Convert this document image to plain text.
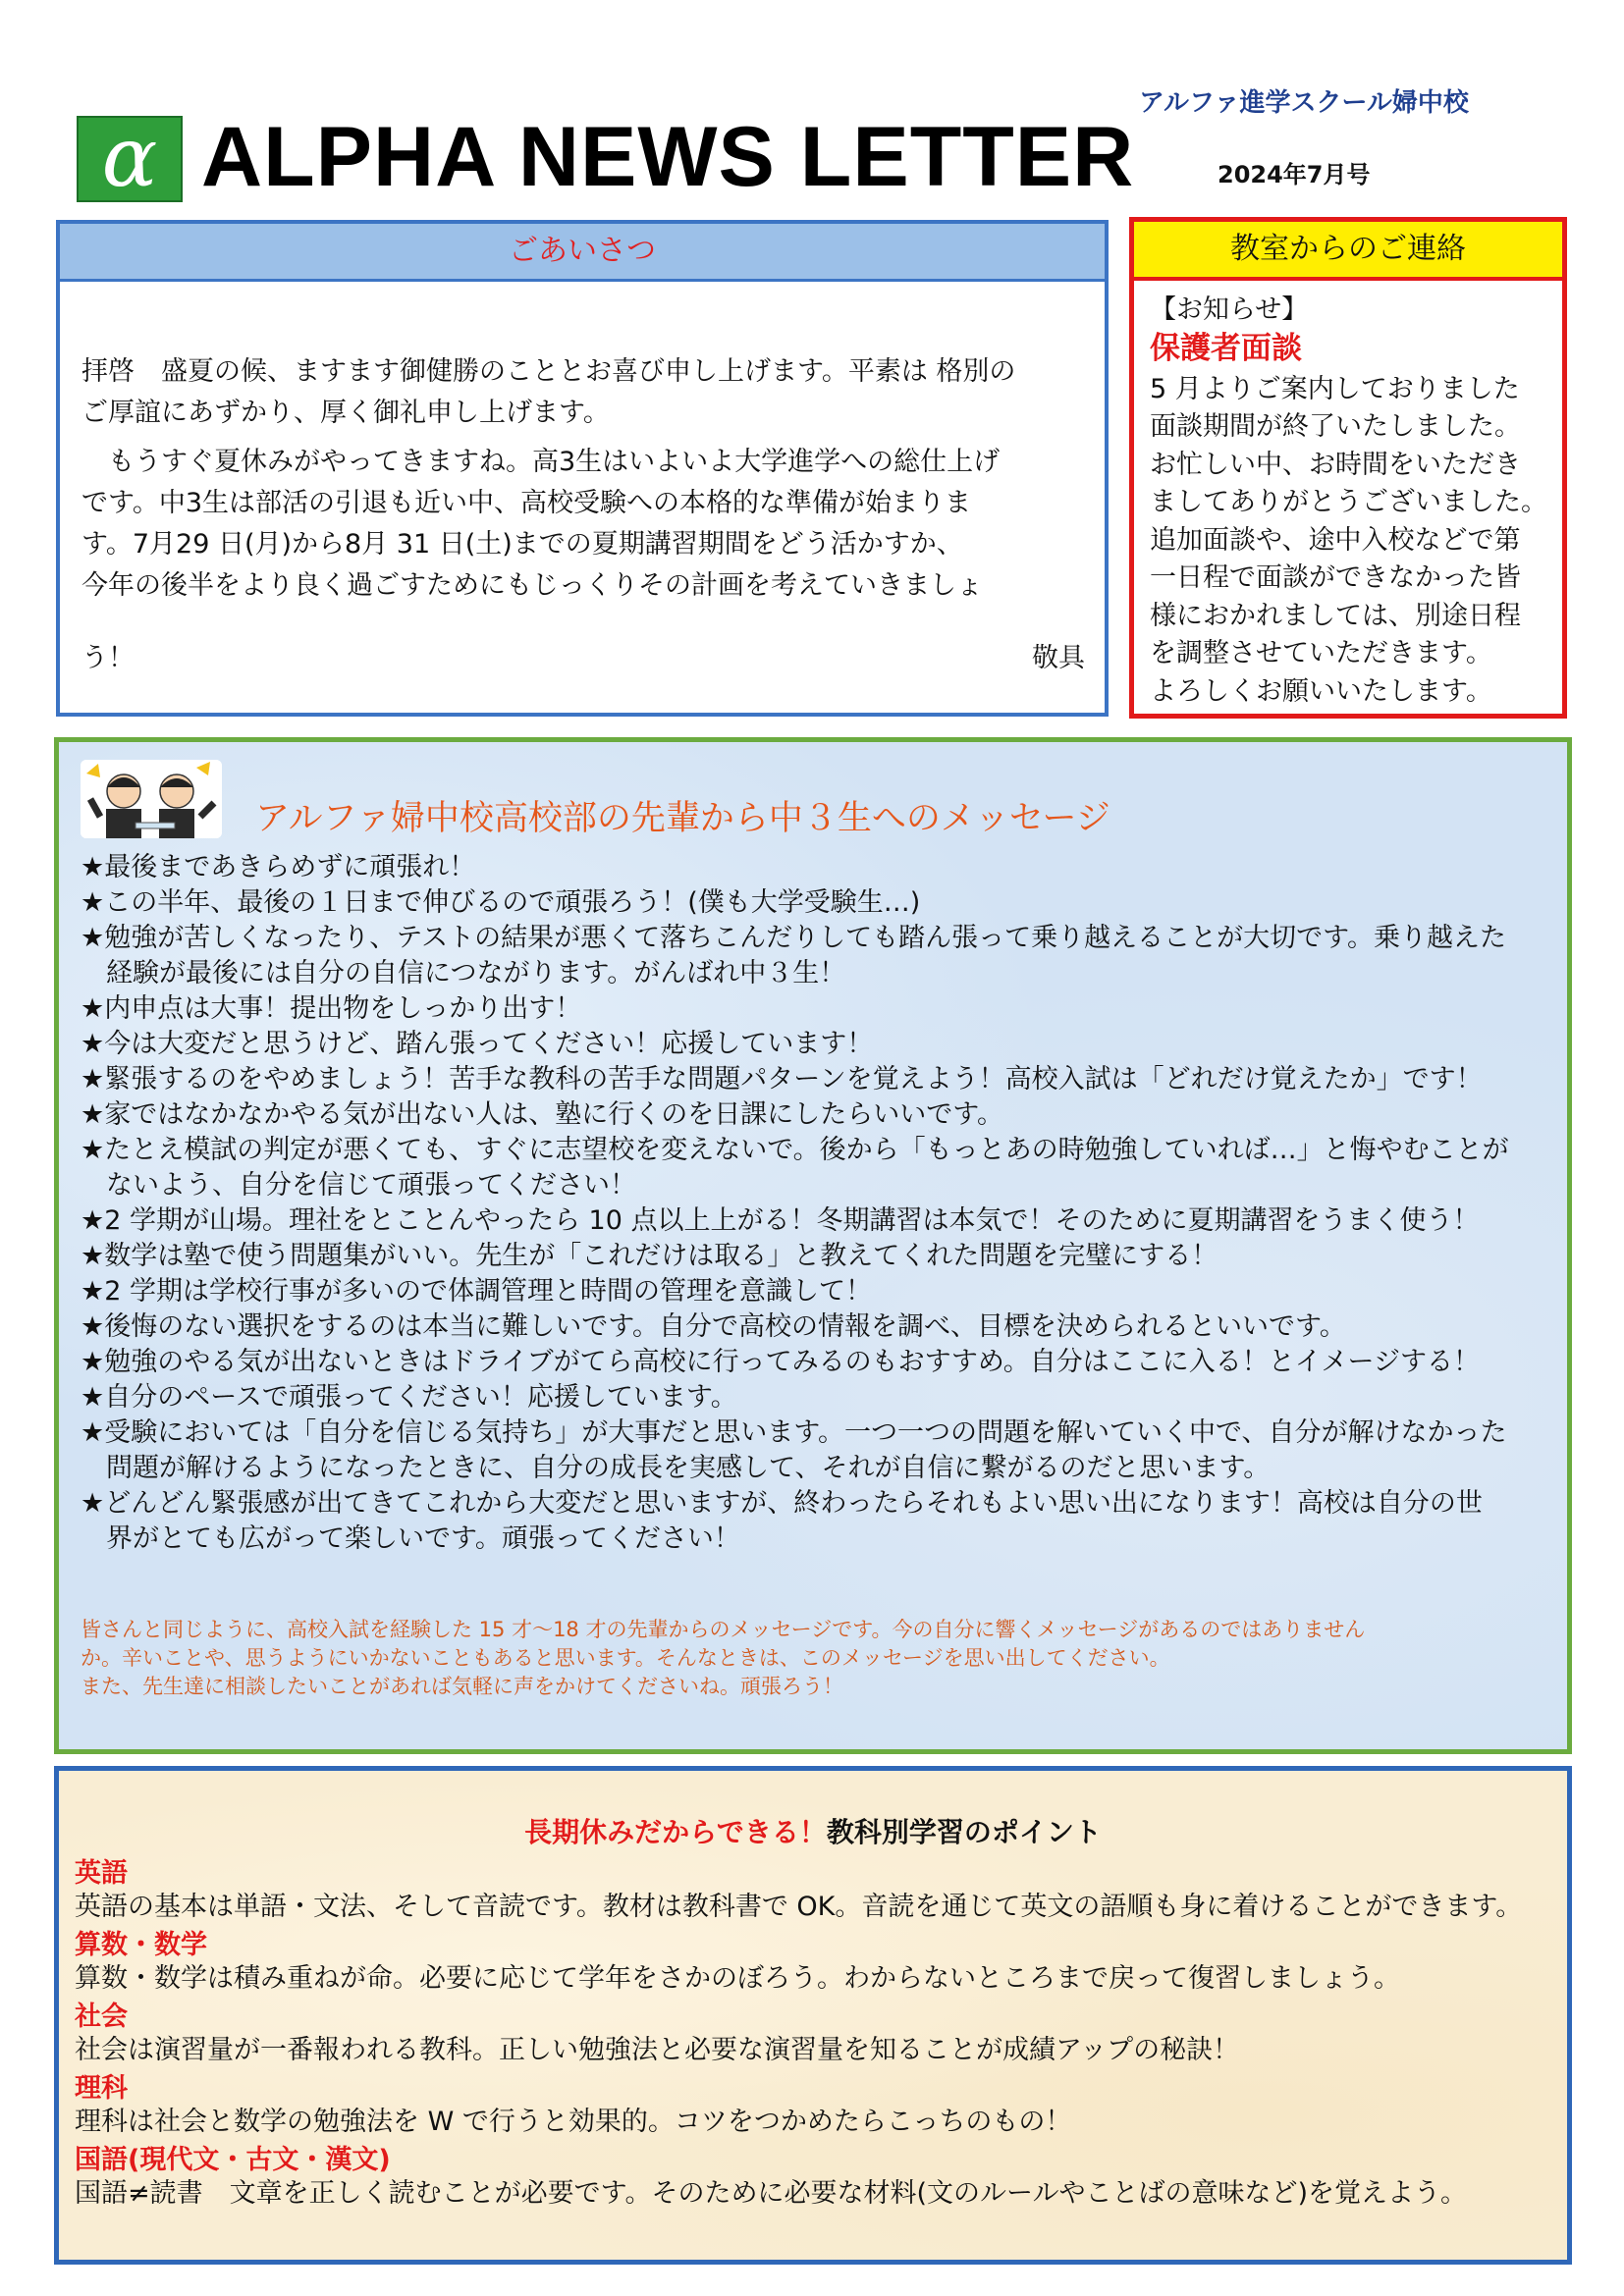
α ALPHA NEWS LETTER
アルファ進学スクール婦中校
2024年7月号
ごあいさつ
拝啓　盛夏の候、ますます御健勝のこととお喜び申し上げます。平素は 格別の
ご厚誼にあずかり、厚く御礼申し上げます。
　もうすぐ夏休みがやってきますね。高3生はいよいよ大学進学への総仕上げ
です。中3生は部活の引退も近い中、高校受験への本格的な準備が始まりま
す。7月29 日(月)から8月 31 日(土)までの夏期講習期間をどう活かすか、
今年の後半をより良く過ごすためにもじっくりその計画を考えていきましょ
う！	敬具
教室からのご連絡
【お知らせ】
保護者面談
5 月よりご案内しておりました
面談期間が終了いたしました。
お忙しい中、お時間をいただき
ましてありがとうございました。
追加面談や、途中入校などで第
一日程で面談ができなかった皆
様におかれましては、別途日程
を調整させていただきます。
よろしくお願いいたします。
アルファ婦中校高校部の先輩から中３生へのメッセージ
★最後まであきらめずに頑張れ！
★この半年、最後の１日まで伸びるので頑張ろう！(僕も大学受験生…)
★勉強が苦しくなったり、テストの結果が悪くて落ちこんだりしても踏ん張って乗り越えることが大切です。乗り越えた
経験が最後には自分の自信につながります。がんばれ中３生！
★内申点は大事！提出物をしっかり出す！
★今は大変だと思うけど、踏ん張ってください！応援しています！
★緊張するのをやめましょう！苦手な教科の苦手な問題パターンを覚えよう！高校入試は「どれだけ覚えたか」です！
★家ではなかなかやる気が出ない人は、塾に行くのを日課にしたらいいです。
★たとえ模試の判定が悪くても、すぐに志望校を変えないで。後から「もっとあの時勉強していれば…」と悔やむことが
ないよう、自分を信じて頑張ってください！
★2 学期が山場。理社をとことんやったら 10 点以上上がる！冬期講習は本気で！そのために夏期講習をうまく使う！
★数学は塾で使う問題集がいい。先生が「これだけは取る」と教えてくれた問題を完璧にする！
★2 学期は学校行事が多いので体調管理と時間の管理を意識して！
★後悔のない選択をするのは本当に難しいです。自分で高校の情報を調べ、目標を決められるといいです。
★勉強のやる気が出ないときはドライブがてら高校に行ってみるのもおすすめ。自分はここに入る！とイメージする！
★自分のペースで頑張ってください！応援しています。
★受験においては「自分を信じる気持ち」が大事だと思います。一つ一つの問題を解いていく中で、自分が解けなかった
問題が解けるようになったときに、自分の成長を実感して、それが自信に繋がるのだと思います。
★どんどん緊張感が出てきてこれから大変だと思いますが、終わったらそれもよい思い出になります！高校は自分の世
界がとても広がって楽しいです。頑張ってください！
皆さんと同じように、高校入試を経験した 15 才～18 才の先輩からのメッセージです。今の自分に響くメッセージがあるのではありません
か。辛いことや、思うようにいかないこともあると思います。そんなときは、このメッセージを思い出してください。
また、先生達に相談したいことがあれば気軽に声をかけてくださいね。頑張ろう！
長期休みだからできる！教科別学習のポイント
英語
英語の基本は単語・文法、そして音読です。教材は教科書で OK。音読を通じて英文の語順も身に着けることができます。
算数・数学
算数・数学は積み重ねが命。必要に応じて学年をさかのぼろう。わからないところまで戻って復習しましょう。
社会
社会は演習量が一番報われる教科。正しい勉強法と必要な演習量を知ることが成績アップの秘訣！
理科
理科は社会と数学の勉強法を W で行うと効果的。コツをつかめたらこっちのもの！
国語(現代文・古文・漢文)
国語≠読書　文章を正しく読むことが必要です。そのために必要な材料(文のルールやことばの意味など)を覚えよう。
